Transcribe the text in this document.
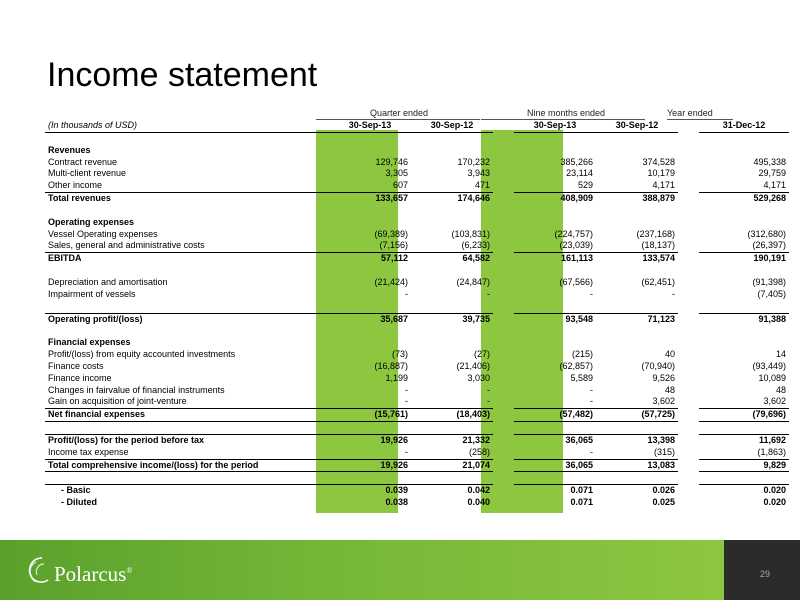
Income statement
Quarter ended	Nine months ended	Year ended
(In thousands of USD)	30-Sep-13	30-Sep-12		30-Sep-13	30-Sep-12		31-Dec-12

Revenues							
Contract revenue	129,746	170,232		385,266	374,528		495,338
Multi-client revenue	3,305	3,943		23,114	10,179		29,759
Other income	607	471		529	4,171		4,171
Total revenues	133,657	174,646		408,909	388,879		529,268

Operating expenses							
Vessel Operating expenses	(69,389)	(103,831)		(224,757)	(237,168)		(312,680)
Sales, general and administrative costs	(7,156)	(6,233)		(23,039)	(18,137)		(26,397)
EBITDA	57,112	64,582		161,113	133,574		190,191

Depreciation and amortisation	(21,424)	(24,847)		(67,566)	(62,451)		(91,398)
Impairment of vessels	-	-		-	-		(7,405)

Operating profit/(loss)	35,687	39,735		93,548	71,123		91,388

Financial expenses							
Profit/(loss) from equity accounted investments	(73)	(27)		(215)	40		14
Finance costs	(16,887)	(21,406)		(62,857)	(70,940)		(93,449)
Finance income	1,199	3,030		5,589	9,526		10,089
Changes in fairvalue of financial instruments	-	-		-	48		48
Gain on acquisition of joint-venture	-	-		-	3,602		3,602
Net financial expenses	(15,761)	(18,403)		(57,482)	(57,725)		(79,696)

Profit/(loss) for the period before tax	19,926	21,332		36,065	13,398		11,692
Income tax expense	-	(258)		-	(315)		(1,863)
Total comprehensive income/(loss) for the period	19,926	21,074		36,065	13,083		9,829

- Basic	0.039	0.042		0.071	0.026		0.020
- Diluted	0.038	0.040		0.071	0.025		0.020
29
Polarcus®
